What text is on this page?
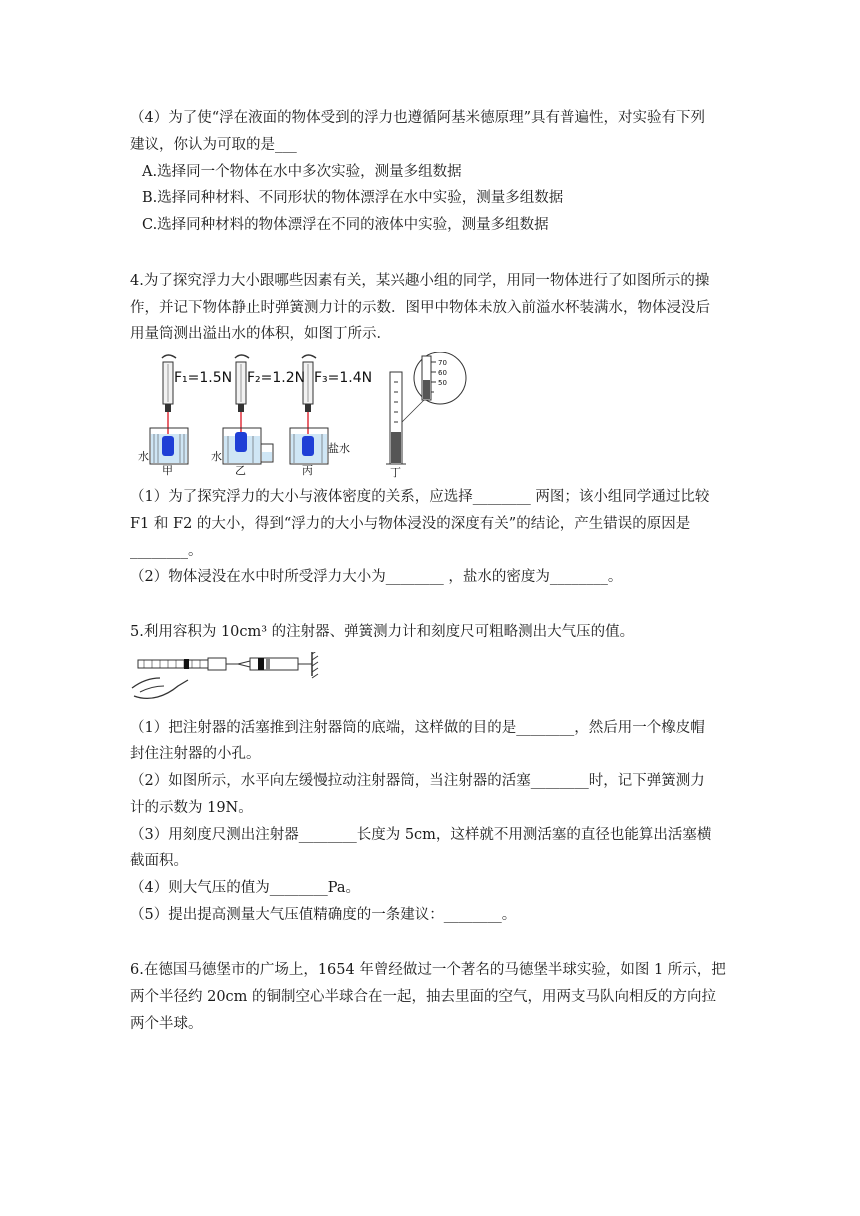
（4）为了使“浮在液面的物体受到的浮力也遵循阿基米德原理”具有普遍性，对实验有下列
建议，你认为可取的是___
A.选择同一个物体在水中多次实验，测量多组数据
B.选择同种材料、不同形状的物体漂浮在水中实验，测量多组数据
C.选择同种材料的物体漂浮在不同的液体中实验，测量多组数据
4.为了探究浮力大小跟哪些因素有关，某兴趣小组的同学，用同一物体进行了如图所示的操
作，并记下物体静止时弹簧测力计的示数．图甲中物体未放入前溢水杯装满水，物体浸没后
用量筒测出溢出水的体积，如图丁所示．
F₁=1.5N F₂=1.2N F₃=1.4N
甲	乙	丙	丁
水	水
盐水
70
60
50
（1）为了探究浮力的大小与液体密度的关系，应选择________ 两图；该小组同学通过比较
F1 和 F2 的大小，得到“浮力的大小与物体浸没的深度有关”的结论，产生错误的原因是
________。
（2）物体浸没在水中时所受浮力大小为________ ，盐水的密度为________。
5.利用容积为 10cm³ 的注射器、弹簧测力计和刻度尺可粗略测出大气压的值。
（1）把注射器的活塞推到注射器筒的底端，这样做的目的是________，然后用一个橡皮帽
封住注射器的小孔。
（2）如图所示，水平向左缓慢拉动注射器筒，当注射器的活塞________时，记下弹簧测力
计的示数为 19N。
（3）用刻度尺测出注射器________长度为 5cm，这样就不用测活塞的直径也能算出活塞横
截面积。
（4）则大气压的值为________Pa。
（5）提出提高测量大气压值精确度的一条建议：________。
6.在德国马德堡市的广场上，1654 年曾经做过一个著名的马德堡半球实验，如图 1 所示，把
两个半径约 20cm 的铜制空心半球合在一起，抽去里面的空气，用两支马队向相反的方向拉
两个半球。
